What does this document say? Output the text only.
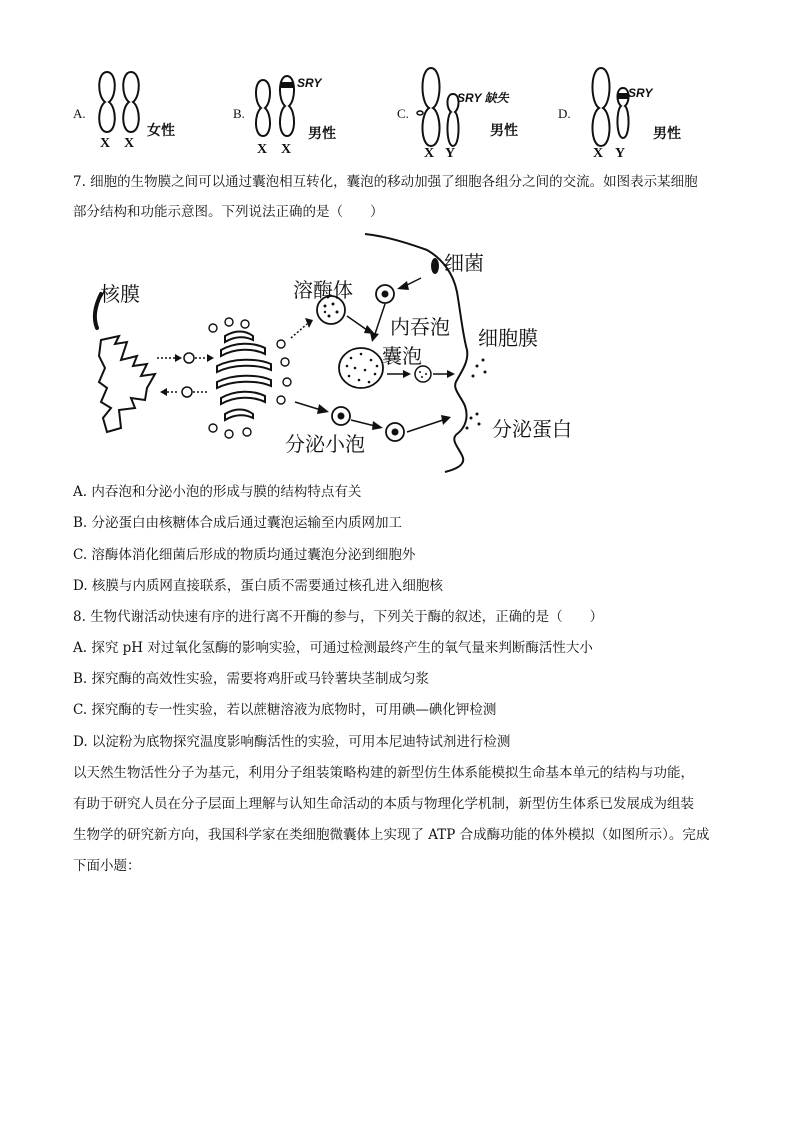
A.
X X
女性
B.
SRY
X X
男性
C.
SRY 缺失
X Y
男性
D.
SRY
X Y
男性
7. 细胞的生物膜之间可以通过囊泡相互转化，囊泡的移动加强了细胞各组分之间的交流。如图表示某细胞
部分结构和功能示意图。下列说法正确的是（　　）
核膜	溶酶体
细菌
内吞泡
囊泡
细胞膜
分泌小泡
分泌蛋白
A. 内吞泡和分泌小泡的形成与膜的结构特点有关
B. 分泌蛋白由核糖体合成后通过囊泡运输至内质网加工
C. 溶酶体消化细菌后形成的物质均通过囊泡分泌到细胞外
D. 核膜与内质网直接联系，蛋白质不需要通过核孔进入细胞核
8. 生物代谢活动快速有序的进行离不开酶的参与，下列关于酶的叙述，正确的是（　　）
A. 探究 pH 对过氧化氢酶的影响实验，可通过检测最终产生的氧气量来判断酶活性大小
B. 探究酶的高效性实验，需要将鸡肝或马铃薯块茎制成匀浆
C. 探究酶的专一性实验，若以蔗糖溶液为底物时，可用碘—碘化钾检测
D. 以淀粉为底物探究温度影响酶活性的实验，可用本尼迪特试剂进行检测
以天然生物活性分子为基元，利用分子组装策略构建的新型仿生体系能模拟生命基本单元的结构与功能，
有助于研究人员在分子层面上理解与认知生命活动的本质与物理化学机制，新型仿生体系已发展成为组装
生物学的研究新方向，我国科学家在类细胞微囊体上实现了 ATP 合成酶功能的体外模拟（如图所示）。完成
下面小题：
